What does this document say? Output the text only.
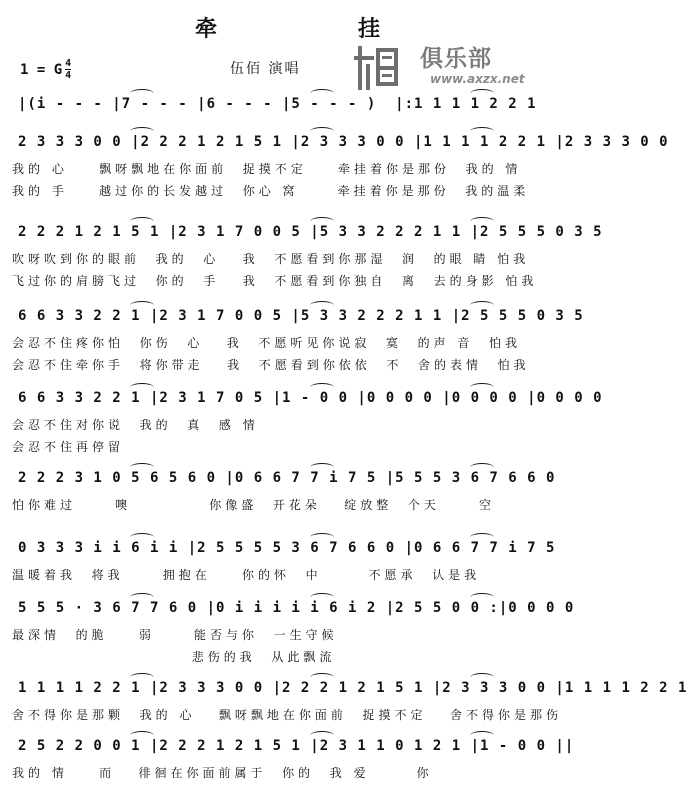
牵	挂
1 = G $\frac{4}{4}$	伍佰 演唱	俱乐部
www.axzx.net
|(i - - - |7 - - - |6 - - - |5 - - - )  |:1 1 1 1 2 2 1
2 3 3 3 0 0 |2 2 2 1 2 1 5 1 |2 3 3 3 0 0 |1 1 1 1 2 2 1 |2 3 3 3 0 0
我的 心    飘呀飘地在你面前  捉摸不定    牵挂着你是那份  我的 情
我的 手    越过你的长发越过  你心 窝     牵挂着你是那份  我的温柔
2 2 2 1 2 1 5 1 |2 3 1 7 0 0 5 |5 3 3 2 2 2 1 1 |2 5 5 5 0 3 5
吹呀吹到你的眼前  我的  心   我  不愿看到你那湿  润  的眼 睛 怕我
飞过你的肩膀飞过  你的  手   我  不愿看到你独自  离  去的身影 怕我
6 6 3 3 2 2 1 |2 3 1 7 0 0 5 |5 3 3 2 2 2 1 1 |2 5 5 5 0 3 5
会忍不住疼你怕  你伤  心   我  不愿听见你说寂  寞  的声 音  怕我
会忍不住牵你手  将你带走   我  不愿看到你依依  不  舍的表情  怕我
6 6 3 3 2 2 1 |2 3 1 7 0 5 |1 - 0 0 |0 0 0 0 |0 0 0 0 |0 0 0 0
会忍不住对你说  我的  真  感 情
会忍不住再停留
2 2 2 3 1 0 5 6 5 6 0 |0 6 6 7 7 i 7 5 |5 5 5 3 6 7 6 6 0
怕你难过     噢          你像盛  开花朵   绽放整  个天     空
0 3 3 3 i i 6 i i |2 5 5 5 5 3 6 7 6 6 0 |0 6 6 7 7 i 7 5
温暖着我  将我     拥抱在    你的怀  中      不愿承  认是我
5 5 5 · 3 6 7 7 6 0 |0 i i i i i 6 i 2 |2 5 5 0 0 :|0 0 0 0
最深情  的脆    弱     能否与你  一生守候
悲伤的我  从此飘流
1 1 1 1 2 2 1 |2 3 3 3 0 0 |2 2 2 1 2 1 5 1 |2 3 3 3 0 0 |1 1 1 1 2 2 1
舍不得你是那颗  我的 心   飘呀飘地在你面前  捉摸不定   舍不得你是那伤
2 5 2 2 0 0 1 |2 2 2 1 2 1 5 1 |2 3 1 1 0 1 2 1 |1 - 0 0 ||
我的 情    而   徘徊在你面前属于  你的  我 爱      你
